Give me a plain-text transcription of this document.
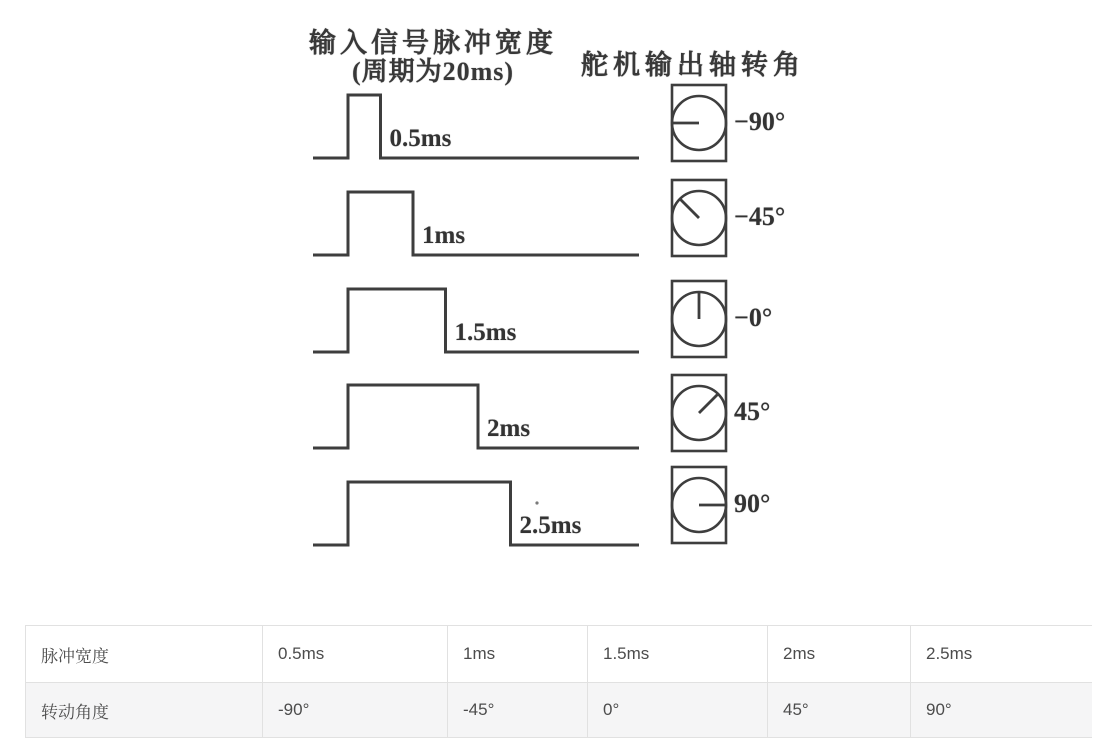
输入信号脉冲宽度
(周期为20ms)	舵机输出轴转角
0.5ms
−90°
1ms
−45°
1.5ms
−0°
2ms
45°
2.5ms
90°
脉冲宽度	0.5ms	1ms	1.5ms	2ms	2.5ms
转动角度	-90°	-45°	0°	45°	90°
